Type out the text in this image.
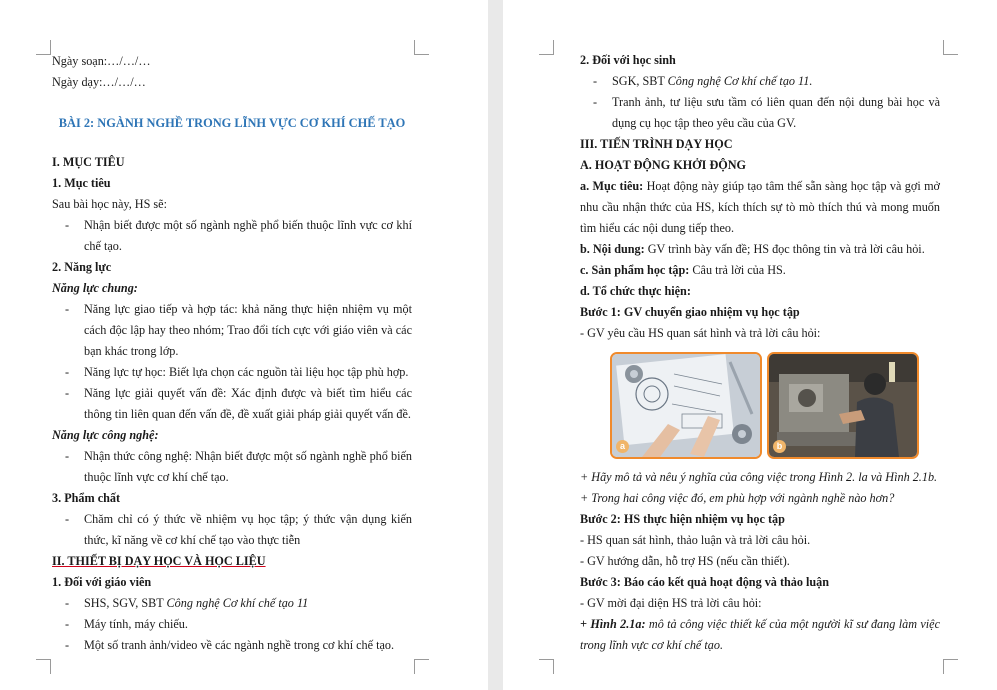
Ngày soạn:…/…/…

Ngày dạy:…/…/…

BÀI 2: NGÀNH NGHỀ TRONG LĨNH VỰC CƠ KHÍ CHẾ TẠO

I. MỤC TIÊU

1. Mục tiêu

Sau bài học này, HS sẽ:

- Nhận biết được một số ngành nghề phổ biến thuộc lĩnh vực cơ khí chế tạo.

2. Năng lực

Năng lực chung:

- Năng lực giao tiếp và hợp tác: khả năng thực hiện nhiệm vụ một cách độc lập hay theo nhóm; Trao đổi tích cực với giáo viên và các bạn khác trong lớp.
- Năng lực tự học: Biết lựa chọn các nguồn tài liệu học tập phù hợp.
- Năng lực giải quyết vấn đề: Xác định được và biết tìm hiểu các thông tin liên quan đến vấn đề, đề xuất giải pháp giải quyết vấn đề.

Năng lực công nghệ:

- Nhận thức công nghệ: Nhận biết được một số ngành nghề phổ biến thuộc lĩnh vực cơ khí chế tạo.

3. Phẩm chất

- Chăm chỉ có ý thức về nhiệm vụ học tập; ý thức vận dụng kiến thức, kĩ năng về cơ khí chế tạo vào thực tiễn

II. THIẾT BỊ DẠY HỌC VÀ HỌC LIỆU

1. Đối với giáo viên

- SHS, SGV, SBT Công nghệ Cơ khí chế tạo 11
- Máy tính, máy chiếu.
- Một số tranh ảnh/video về các ngành nghề trong cơ khí chế tạo.

2. Đối với học sinh

- SGK, SBT Công nghệ Cơ khí chế tạo 11.
- Tranh ảnh, tư liệu sưu tầm có liên quan đến nội dung bài học và dụng cụ học tập theo yêu cầu của GV.

III. TIẾN TRÌNH DẠY HỌC

A. HOẠT ĐỘNG KHỞI ĐỘNG

a. Mục tiêu: Hoạt động này giúp tạo tâm thế sẵn sàng học tập và gợi mở nhu cầu nhận thức của HS, kích thích sự tò mò thích thú và mong muốn tìm hiểu các nội dung tiếp theo.

b. Nội dung: GV trình bày vấn đề; HS đọc thông tin và trả lời câu hỏi.

c. Sản phẩm học tập: Câu trả lời của HS.

d. Tổ chức thực hiện:

Bước 1: GV chuyển giao nhiệm vụ học tập

- GV yêu cầu HS quan sát hình và trả lời câu hỏi:

a	b

+ Hãy mô tả và nêu ý nghĩa của công việc trong Hình 2. la và Hình 2.1b.

+ Trong hai công việc đó, em phù hợp với ngành nghề nào hơn?

Bước 2: HS thực hiện nhiệm vụ học tập

- HS quan sát hình, thảo luận và trả lời câu hỏi.

- GV hướng dẫn, hỗ trợ HS (nếu cần thiết).

Bước 3: Báo cáo kết quả hoạt động và thảo luận

- GV mời đại diện HS trả lời câu hỏi:

+ Hình 2.1a: mô tả công việc thiết kế của một người kĩ sư đang làm việc trong lĩnh vực cơ khí chế tạo.
